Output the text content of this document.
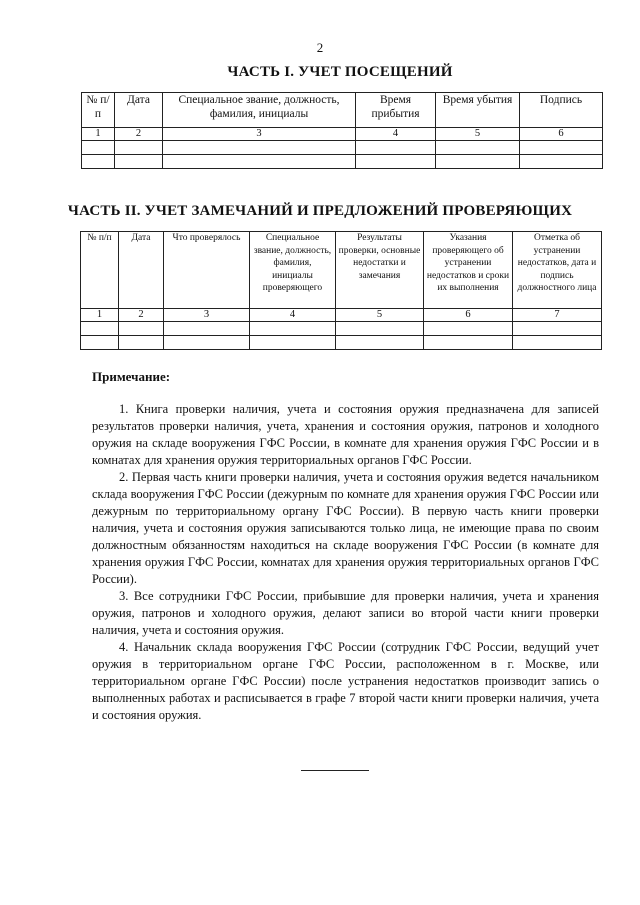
2
ЧАСТЬ I. УЧЕТ ПОСЕЩЕНИЙ
№ п/п	Дата	Специальное звание, должность, фамилия, инициалы	Время прибытия	Время убытия	Подпись
1	2	3	4	5	6

ЧАСТЬ II. УЧЕТ ЗАМЕЧАНИЙ И ПРЕДЛОЖЕНИЙ ПРОВЕРЯЮЩИХ
№ п/п	Дата	Что проверялось	Специальное звание, должность, фамилия, инициалы проверяющего	Результаты проверки, основные недостатки и замечания	Указания проверяющего об устранении недостатков и сроки их выполнения	Отметка об устранении недостатков, дата и подпись должностного лица
1	2	3	4	5	6	7

Примечание:

1. Книга проверки наличия, учета и состояния оружия предназначена для записей результатов проверки наличия, учета, хранения и состояния оружия, патронов и холодного оружия на складе вооружения ГФС России, в комнате для хранения оружия ГФС России и в комнатах для хранения оружия территориальных органов ГФС России.

2. Первая часть книги проверки наличия, учета и состояния оружия ведется начальником склада вооружения ГФС России (дежурным по комнате для хранения оружия ГФС России или дежурным по территориальному органу ГФС России). В первую часть книги проверки наличия, учета и состояния оружия записываются только лица, не имеющие права по своим должностным обязанностям находиться на складе вооружения ГФС России (в комнате для хранения оружия ГФС России, комнатах для хранения оружия территориальных органов ГФС России).

3. Все сотрудники ГФС России, прибывшие для проверки наличия, учета и хранения оружия, патронов и холодного оружия, делают записи во второй части книги проверки наличия, учета и состояния оружия.

4. Начальник склада вооружения ГФС России (сотрудник ГФС России, ведущий учет оружия в территориальном органе ГФС России, расположенном в г. Москве, или территориальном органе ГФС России) после устранения недостатков производит запись о выполненных работах и расписывается в графе 7 второй части книги проверки наличия, учета и состояния оружия.
